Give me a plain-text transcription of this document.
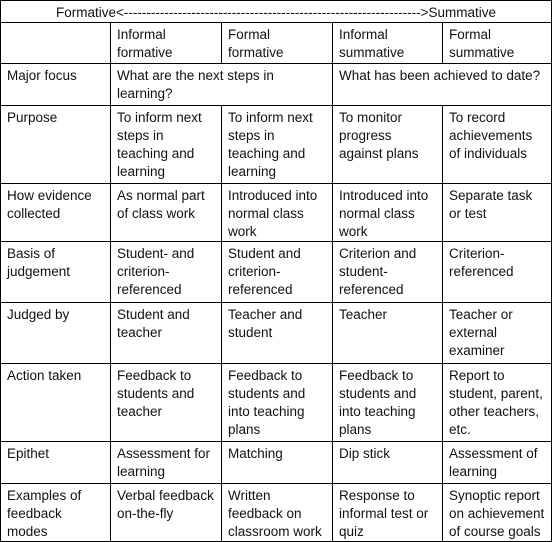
Formative<------------------------------------------------------------------>Summative				
	Informal formative	Formal formative	Informal summative	Formal summative
Major focus	What are the next steps in learning?		What has been achieved to date?	
Purpose	To inform next steps in teaching and learning	To inform next steps in teaching and learning	To monitor progress against plans	To record achievements of individuals
How evidence collected	As normal part of class work	Introduced into normal class work	Introduced into normal class work	Separate task or test
Basis of judgement	Student- and criterion-referenced	Student and criterion-referenced	Criterion and student-referenced	Criterion-referenced
Judged by	Student and teacher	Teacher and student	Teacher	Teacher or external examiner
Action taken	Feedback to students and teacher	Feedback to students and into teaching plans	Feedback to students and into teaching plans	Report to student, parent, other teachers, etc.
Epithet	Assessment for learning	Matching	Dip stick	Assessment of learning
Examples of feedback modes	Verbal feedback on-the-fly	Written feedback on classroom work	Response to informal test or quiz	Synoptic report on achievement of course goals
